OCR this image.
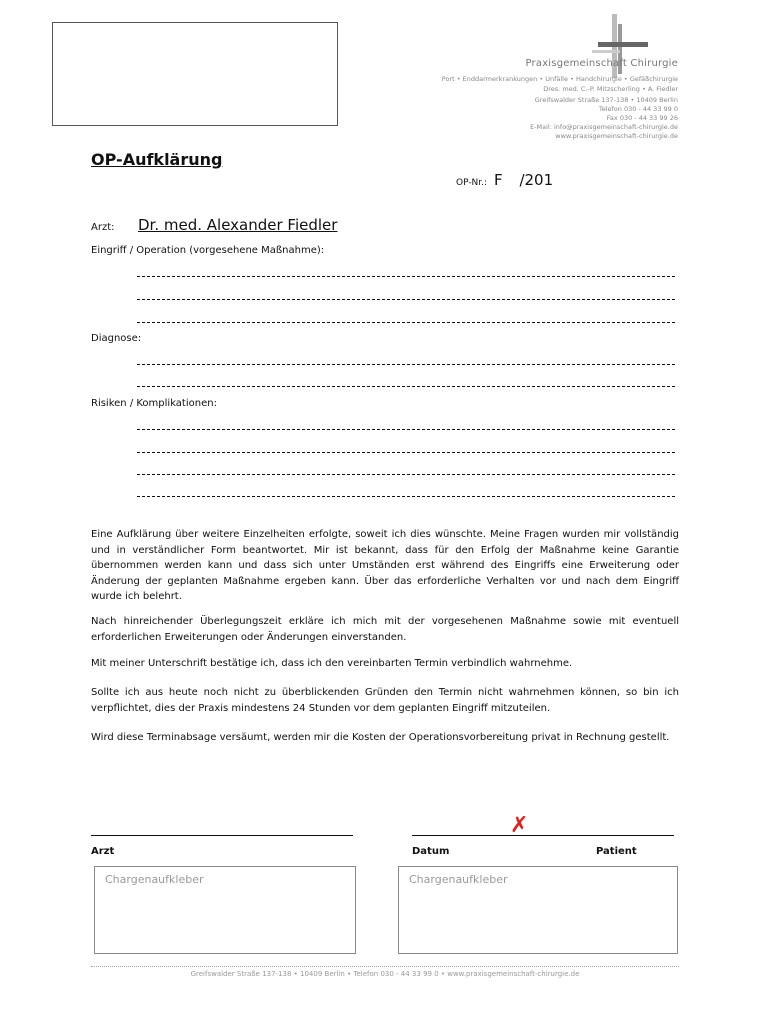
Praxisgemeinschaft Chirurgie
Port • Enddarmerkrankungen • Unfälle • Handchirurgie • Gefäßchirurgie
Dres. med. C.-P. Mitzscherling • A. Fiedler
Greifswalder Straße 137-138 • 10409 Berlin
Telefon 030 - 44 33 99 0
Fax 030 - 44 33 99 26
E-Mail: info@praxisgemeinschaft-chirurgie.de
www.praxisgemeinschaft-chirurgie.de
OP-Aufklärung
OP-Nr.: F /201
Arzt: Dr. med. Alexander Fiedler
Eingriff / Operation (vorgesehene Maßnahme):
Diagnose:
Risiken / Komplikationen:
Eine Aufklärung über weitere Einzelheiten erfolgte, soweit ich dies wünschte. Meine Fragen wurden mir vollständig und in verständlicher Form beantwortet. Mir ist bekannt, dass für den Erfolg der Maßnahme keine Garantie übernommen werden kann und dass sich unter Umständen erst während des Eingriffs eine Erweiterung oder Änderung der geplanten Maßnahme ergeben kann. Über das erforderliche Verhalten vor und nach dem Eingriff wurde ich belehrt.
Nach hinreichender Überlegungszeit erkläre ich mich mit der vorgesehenen Maßnahme sowie mit eventuell erforderlichen Erweiterungen oder Änderungen einverstanden.
Mit meiner Unterschrift bestätige ich, dass ich den vereinbarten Termin verbindlich wahrnehme.
Sollte ich aus heute noch nicht zu überblickenden Gründen den Termin nicht wahrnehmen können, so bin ich verpflichtet, dies der Praxis mindestens 24 Stunden vor dem geplanten Eingriff mitzuteilen.
Wird diese Terminabsage versäumt, werden mir die Kosten der Operationsvorbereitung privat in Rechnung gestellt.
✗
Arzt	Datum	Patient
Chargenaufkleber	Chargenaufkleber
Greifswalder Straße 137-138 • 10409 Berlin • Telefon 030 - 44 33 99 0 • www.praxisgemeinschaft-chirurgie.de
